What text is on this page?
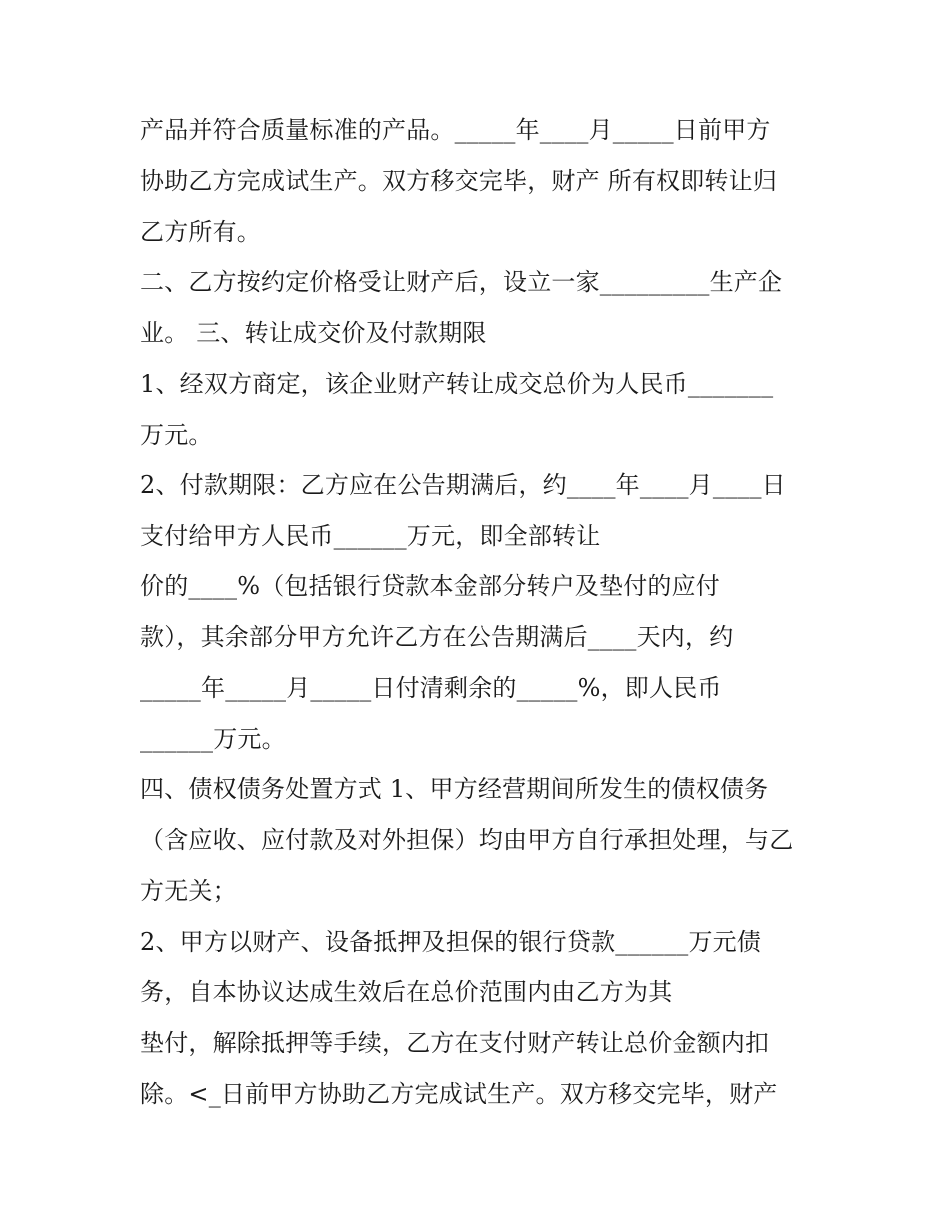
产品并符合质量标准的产品。_____年____月_____日前甲方
协助乙方完成试生产。双方移交完毕，财产 所有权即转让归
乙方所有。
二、乙方按约定价格受让财产后，设立一家_________生产企
业。 三、转让成交价及付款期限
1、经双方商定，该企业财产转让成交总价为人民币_______
万元。
2、付款期限：乙方应在公告期满后，约____年____月____日
支付给甲方人民币______万元，即全部转让
价的____%（包括银行贷款本金部分转户及垫付的应付
款），其余部分甲方允许乙方在公告期满后____天内，约
_____年_____月_____日付清剩余的_____%，即人民币
______万元。
四、债权债务处置方式 1、甲方经营期间所发生的债权债务
（含应收、应付款及对外担保）均由甲方自行承担处理，与乙
方无关；
2、甲方以财产、设备抵押及担保的银行贷款______万元债
务，自本协议达成生效后在总价范围内由乙方为其
垫付，解除抵押等手续，乙方在支付财产转让总价金额内扣
除。<_日前甲方协助乙方完成试生产。双方移交完毕，财产
